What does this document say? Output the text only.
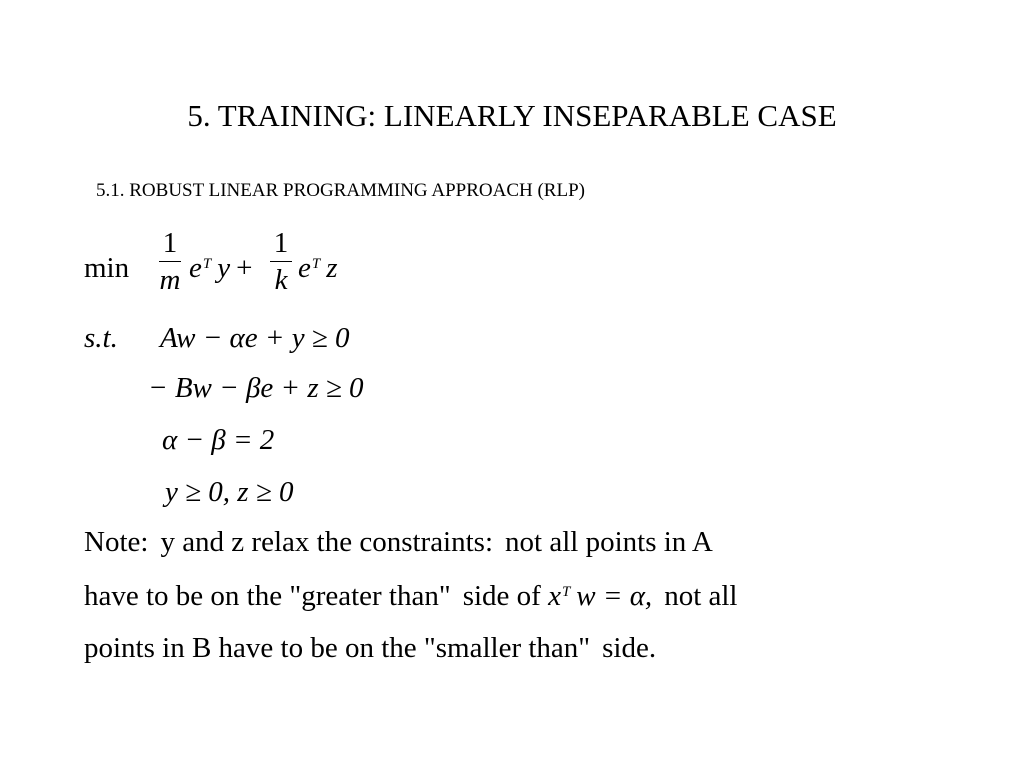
5. TRAINING: LINEARLY INSEPARABLE CASE
5.1. ROBUST LINEAR PROGRAMMING APPROACH (RLP)
min
1
m $e^T$ y +
1
k $e^T$ z
s.t. Aw − αe + y ≥ 0
− Bw − βe + z ≥ 0
α − β = 2
y ≥ 0, z ≥ 0
Note: y and z relax the constraints: not all points in A
have to be on the "greater than" side of $x^T$ w = α, not all
points in B have to be on the "smaller than" side.
